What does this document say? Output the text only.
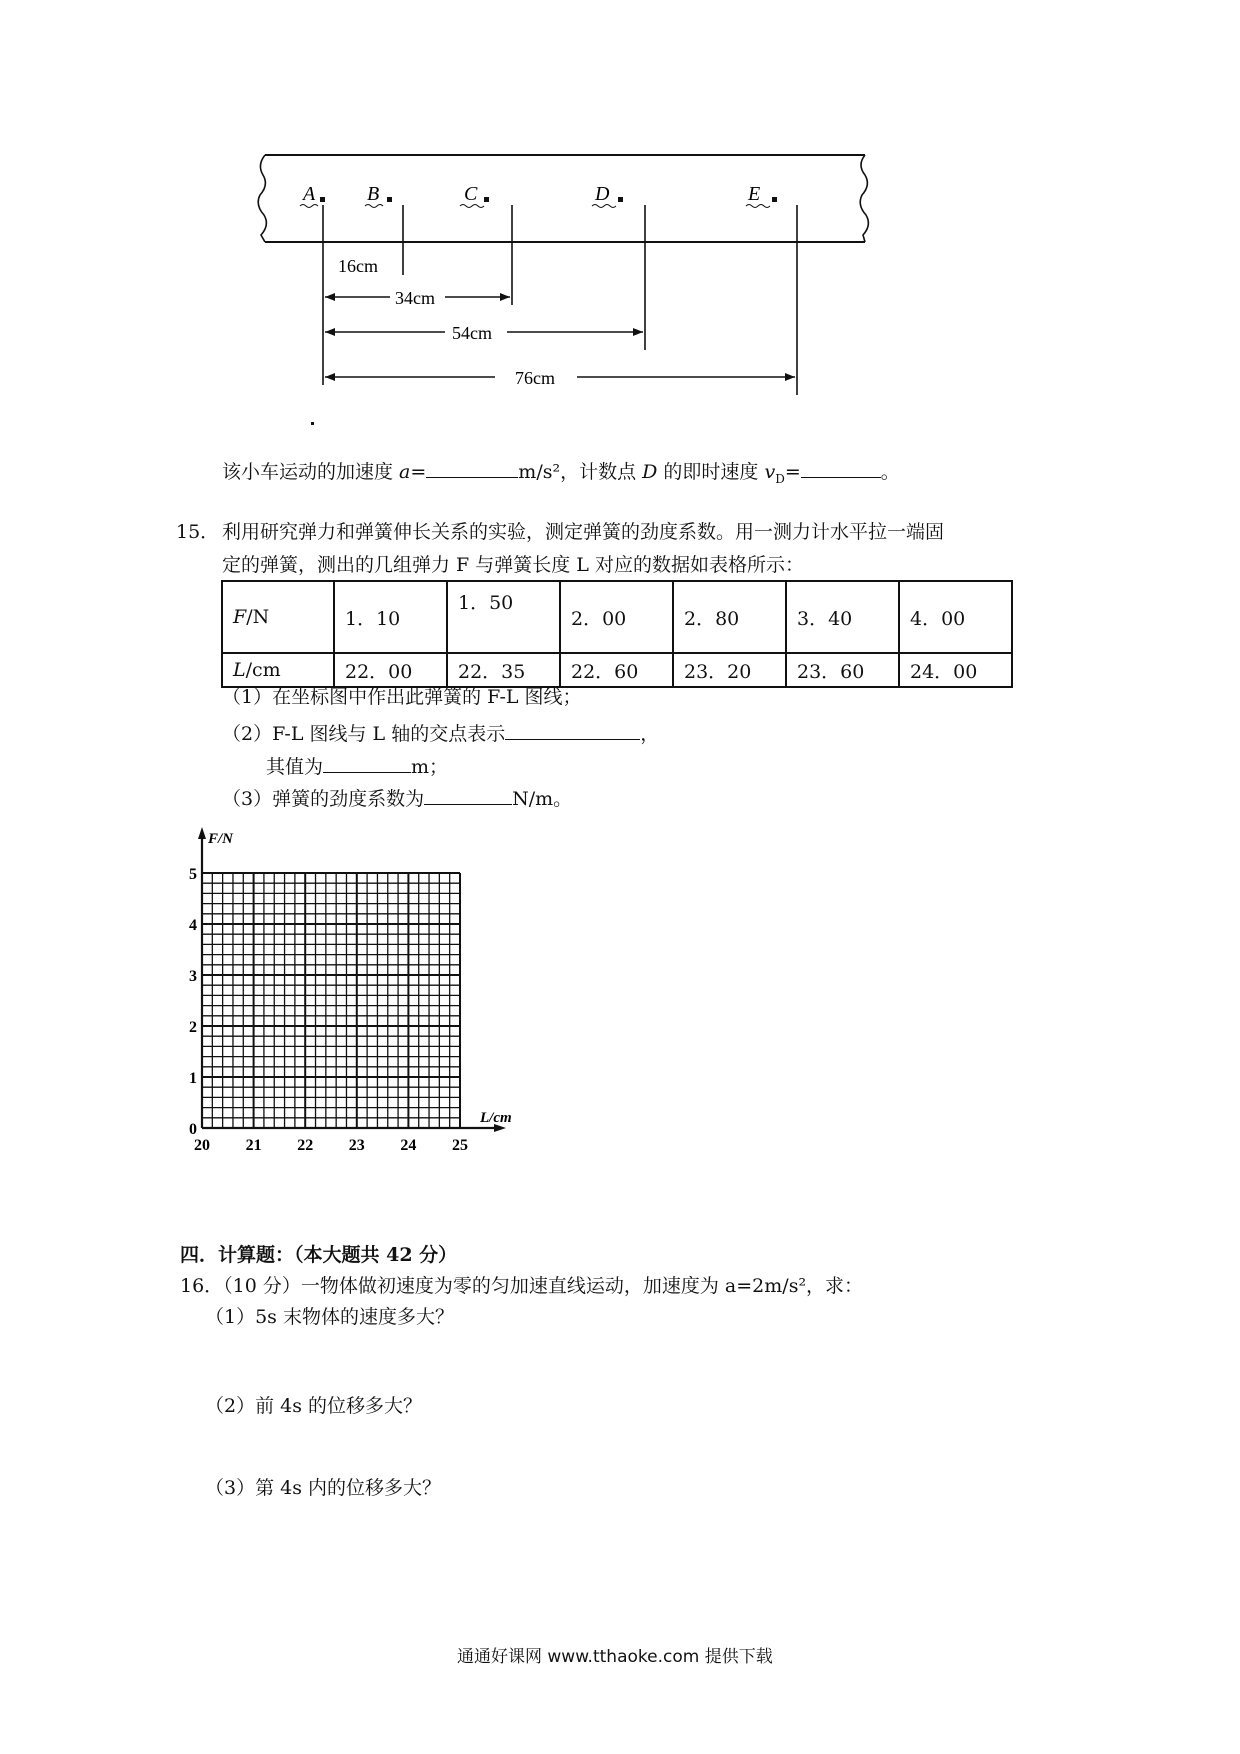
A	B	C	D	E
16cm
34cm
54cm
76cm
该小车运动的加速度 a=	m/s²，计数点 D 的即时速度 $v_D=$	。
15． 利用研究弹力和弹簧伸长关系的实验，测定弹簧的劲度系数。用一测力计水平拉一端固
定的弹簧，测出的几组弹力 F 与弹簧长度 L 对应的数据如表格所示：
F/N	1．10	1．50	2．00	2．80	3．40	4．00
L/cm	22．00	22．35	22．60	23．20	23．60	24．00
（1）在坐标图中作出此弹簧的 F-L 图线；
（2）F-L 图线与 L 轴的交点表示	，
其值为	m；
（3）弹簧的劲度系数为	N/m。
F/N
L/cm
20 21 22 23 24 25
0
1
2
3
4
5
四．计算题：（本大题共 42 分）
16．（10 分）一物体做初速度为零的匀加速直线运动，加速度为 a=2m/s²，求：
（1）5s 末物体的速度多大？
（2）前 4s 的位移多大？
（3）第 4s 内的位移多大？
通通好课网 www.tthaoke.com 提供下载
